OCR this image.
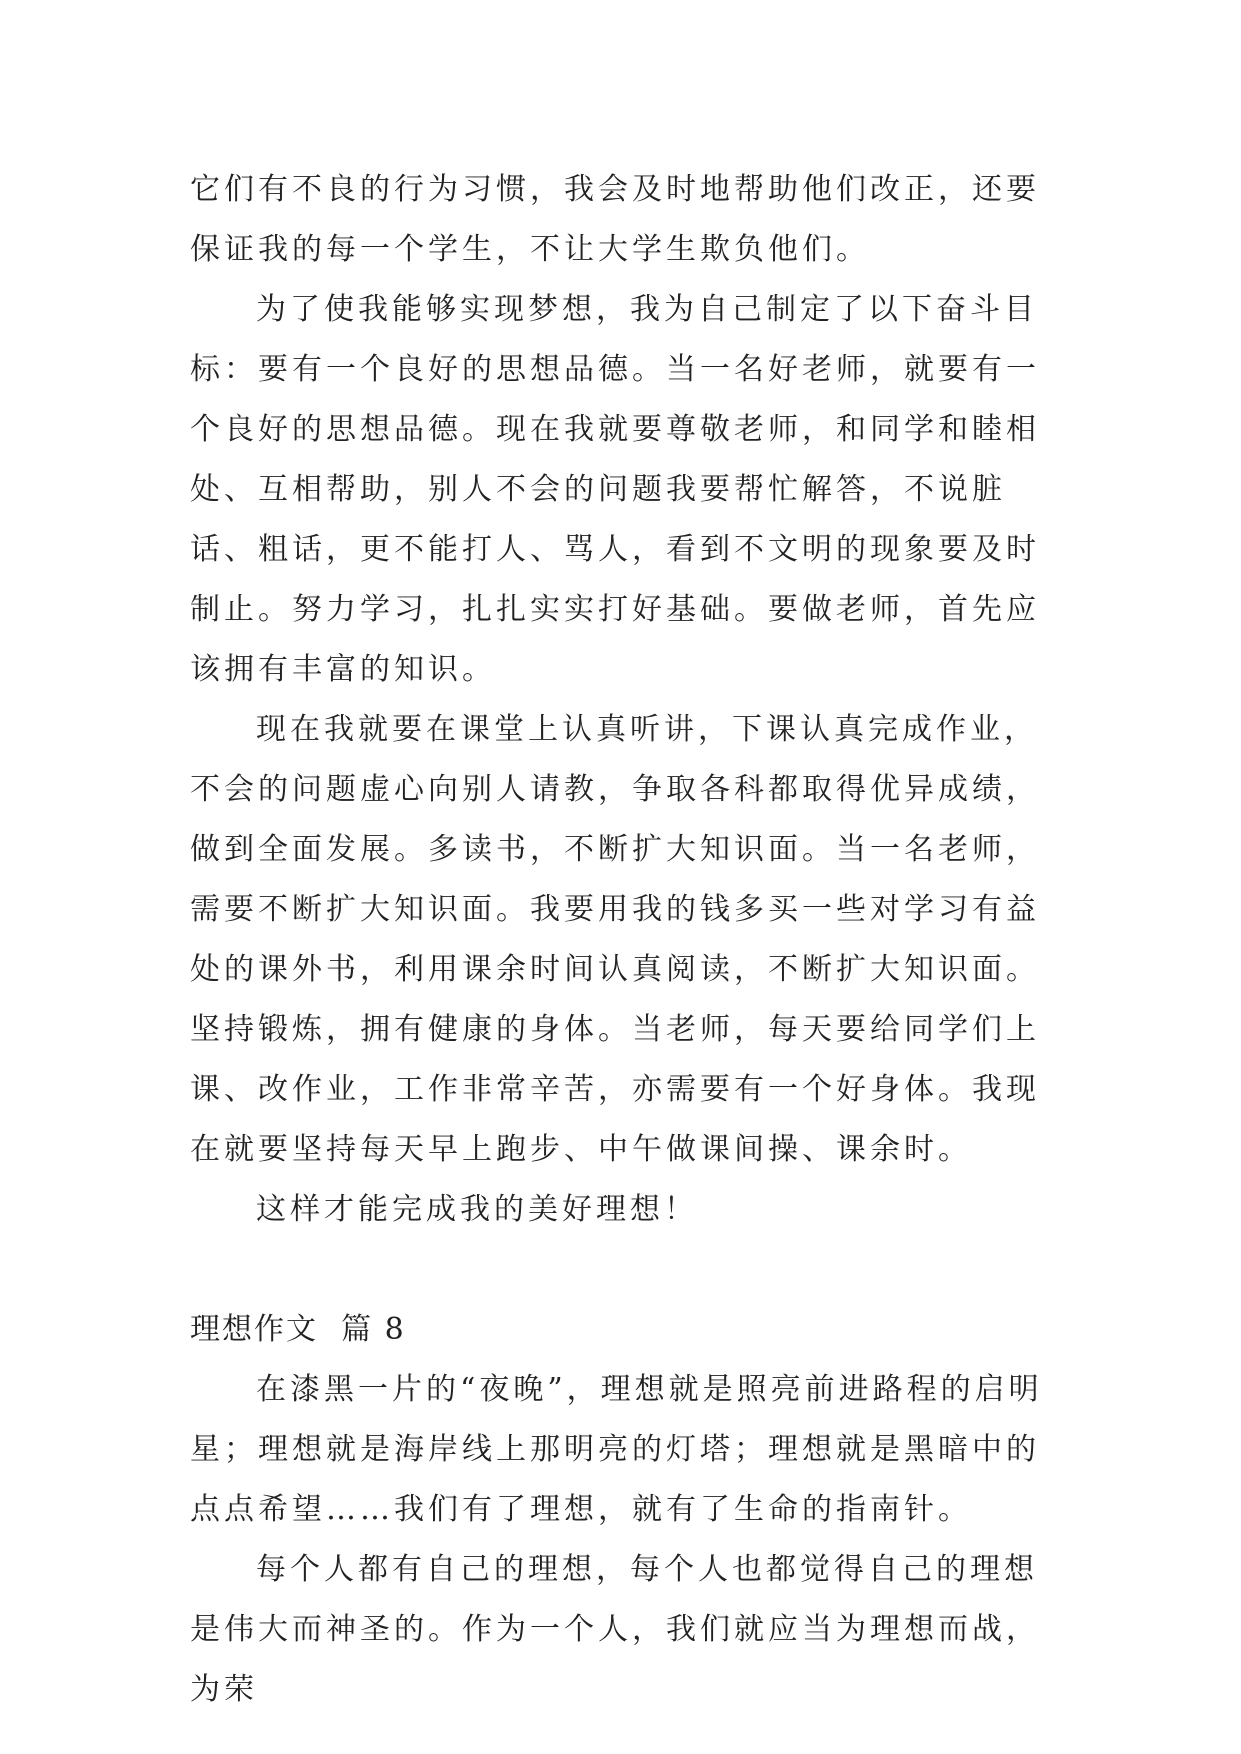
它们有不良的行为习惯，我会及时地帮助他们改正，还要保证我的每一个学生，不让大学生欺负他们。

为了使我能够实现梦想，我为自己制定了以下奋斗目标：要有一个良好的思想品德。当一名好老师，就要有一个良好的思想品德。现在我就要尊敬老师，和同学和睦相处、互相帮助，别人不会的问题我要帮忙解答，不说脏话、粗话，更不能打人、骂人，看到不文明的现象要及时制止。努力学习，扎扎实实打好基础。要做老师，首先应该拥有丰富的知识。

现在我就要在课堂上认真听讲，下课认真完成作业，不会的问题虚心向别人请教，争取各科都取得优异成绩，做到全面发展。多读书，不断扩大知识面。当一名老师，需要不断扩大知识面。我要用我的钱多买一些对学习有益处的课外书，利用课余时间认真阅读，不断扩大知识面。坚持锻炼，拥有健康的身体。当老师，每天要给同学们上课、改作业，工作非常辛苦，亦需要有一个好身体。我现在就要坚持每天早上跑步、中午做课间操、课余时。

这样才能完成我的美好理想！

理想作文  篇 8

在漆黑一片的“夜晚”，理想就是照亮前进路程的启明星；理想就是海岸线上那明亮的灯塔；理想就是黑暗中的点点希望……我们有了理想，就有了生命的指南针。

每个人都有自己的理想，每个人也都觉得自己的理想是伟大而神圣的。作为一个人，我们就应当为理想而战，为荣
